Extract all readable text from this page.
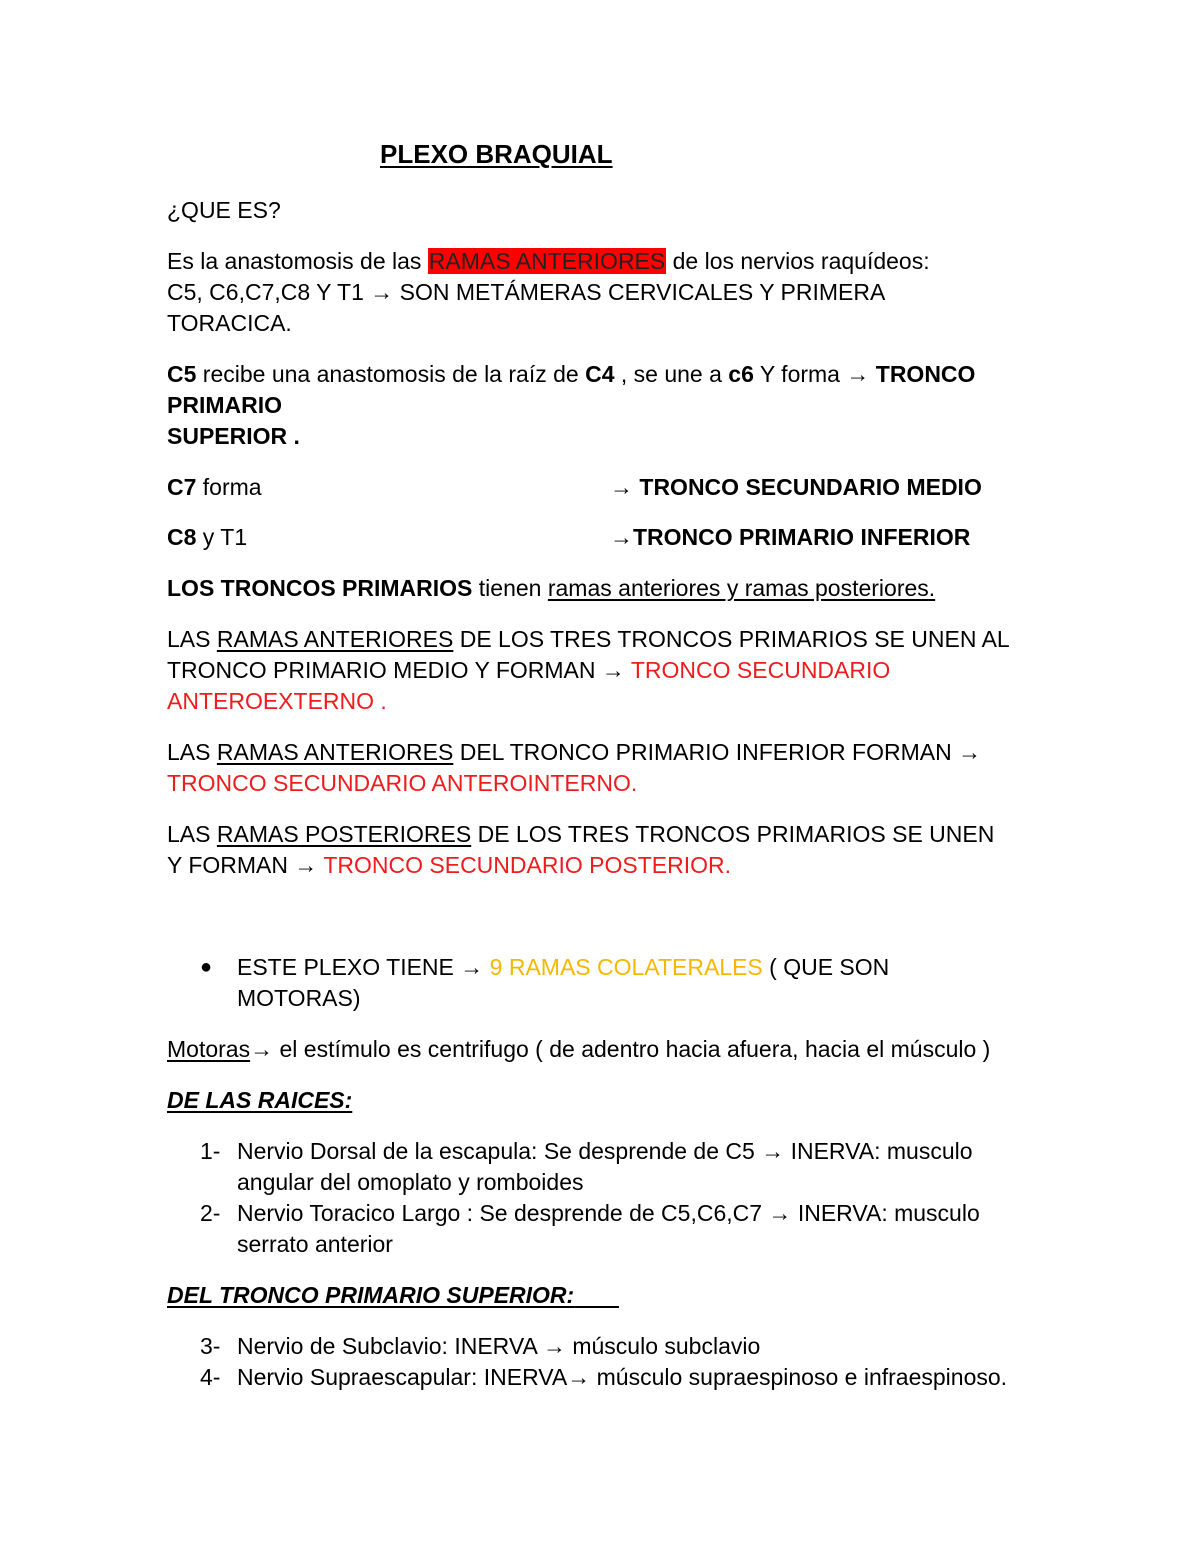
PLEXO BRAQUIAL
¿QUE ES?
Es la anastomosis de las RAMAS ANTERIORES de los nervios raquídeos:
C5, C6,C7,C8 Y T1 → SON METÁMERAS CERVICALES Y PRIMERA
TORACICA.
C5 recibe una anastomosis de la raíz de C4 , se une a c6 Y forma → TRONCO
PRIMARIO
SUPERIOR .
C7 forma	→ TRONCO SECUNDARIO MEDIO
C8 y T1	→TRONCO PRIMARIO INFERIOR
LOS TRONCOS PRIMARIOS tienen ramas anteriores y ramas posteriores.
LAS RAMAS ANTERIORES DE LOS TRES TRONCOS PRIMARIOS SE UNEN AL
TRONCO PRIMARIO MEDIO Y FORMAN → TRONCO SECUNDARIO
ANTEROEXTERNO .
LAS RAMAS ANTERIORES DEL TRONCO PRIMARIO INFERIOR FORMAN →
TRONCO SECUNDARIO ANTEROINTERNO.
LAS RAMAS POSTERIORES DE LOS TRES TRONCOS PRIMARIOS SE UNEN
Y FORMAN → TRONCO SECUNDARIO POSTERIOR.
● ESTE PLEXO TIENE → 9 RAMAS COLATERALES ( QUE SON
MOTORAS)
Motoras→ el estímulo es centrifugo ( de adentro hacia afuera, hacia el músculo )
DE LAS RAICES:
1- Nervio Dorsal de la escapula: Se desprende de C5 → INERVA: musculo
angular del omoplato y romboides
2- Nervio Toracico Largo : Se desprende de C5,C6,C7 → INERVA: musculo
serrato anterior
DEL TRONCO PRIMARIO SUPERIOR:
3- Nervio de Subclavio: INERVA → músculo subclavio
4- Nervio Supraescapular: INERVA→ músculo supraespinoso e infraespinoso.
